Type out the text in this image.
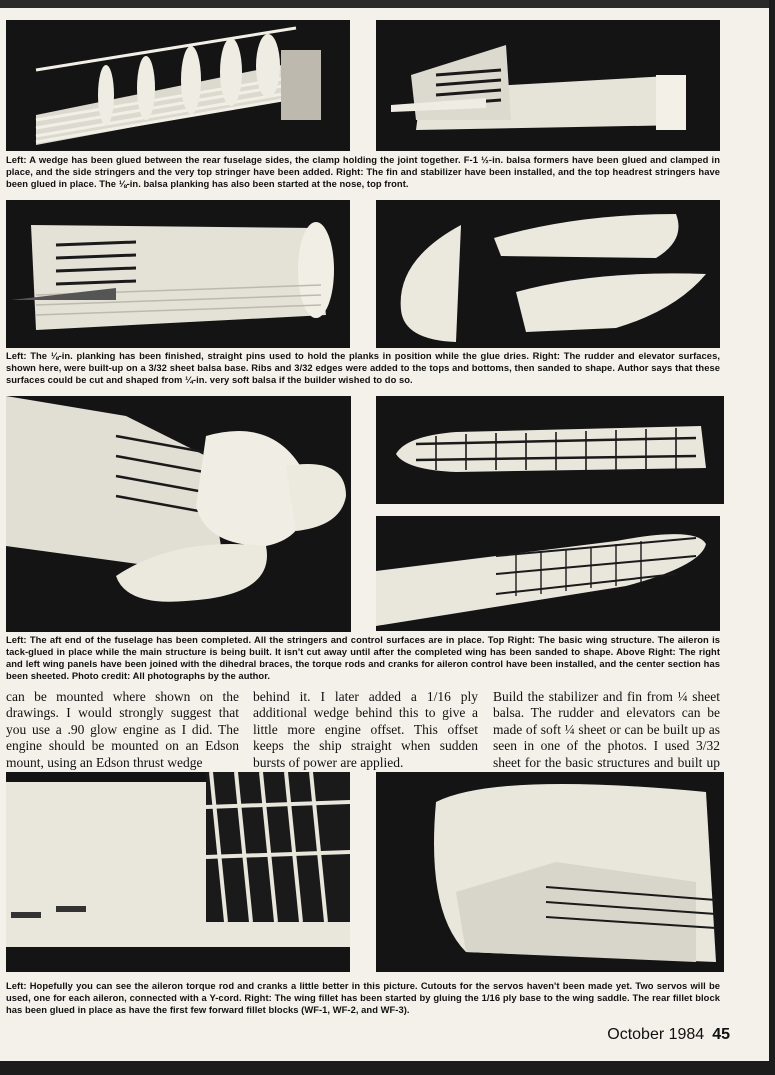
Left: A wedge has been glued between the rear fuselage sides, the clamp holding the joint together. F-1 ½-in. balsa formers have been glued and clamped in place, and the side stringers and the very top stringer have been added. Right: The fin and stabilizer have been installed, and the top headrest stringers have been glued in place. The ⅛-in. balsa planking has also been started at the nose, top front.
Left: The ⅛-in. planking has been finished, straight pins used to hold the planks in position while the glue dries. Right: The rudder and elevator surfaces, shown here, were built-up on a 3/32 sheet balsa base. Ribs and 3/32 edges were added to the tops and bottoms, then sanded to shape. Author says that these surfaces could be cut and shaped from ¼-in. very soft balsa if the builder wished to do so.
Left: The aft end of the fuselage has been completed. All the stringers and control surfaces are in place. Top Right: The basic wing structure. The aileron is tack-glued in place while the main structure is being built. It isn't cut away until after the completed wing has been sanded to shape. Above Right: The right and left wing panels have been joined with the dihedral braces, the torque rods and cranks for aileron control have been installed, and the center section has been sheeted. Photo credit: All photographs by the author.
can be mounted where shown on the drawings. I would strongly suggest that you use a .90 glow engine as I did. The engine should be mounted on an Edson mount, using an Edson thrust wedge
behind it. I later added a 1/16 ply additional wedge behind this to give a little more engine offset. This offset keeps the ship straight when sudden bursts of power are applied.
Build the stabilizer and fin from ¼ sheet balsa. The rudder and elevators can be made of soft ¼ sheet or can be built up as seen in one of the photos. I used 3/32 sheet for the basic structures and built up
Left: Hopefully you can see the aileron torque rod and cranks a little better in this picture. Cutouts for the servos haven't been made yet. Two servos will be used, one for each aileron, connected with a Y-cord. Right: The wing fillet has been started by gluing the 1/16 ply base to the wing saddle. The rear fillet block has been glued in place as have the first few forward fillet blocks (WF-1, WF-2, and WF-3).
October 1984 45
